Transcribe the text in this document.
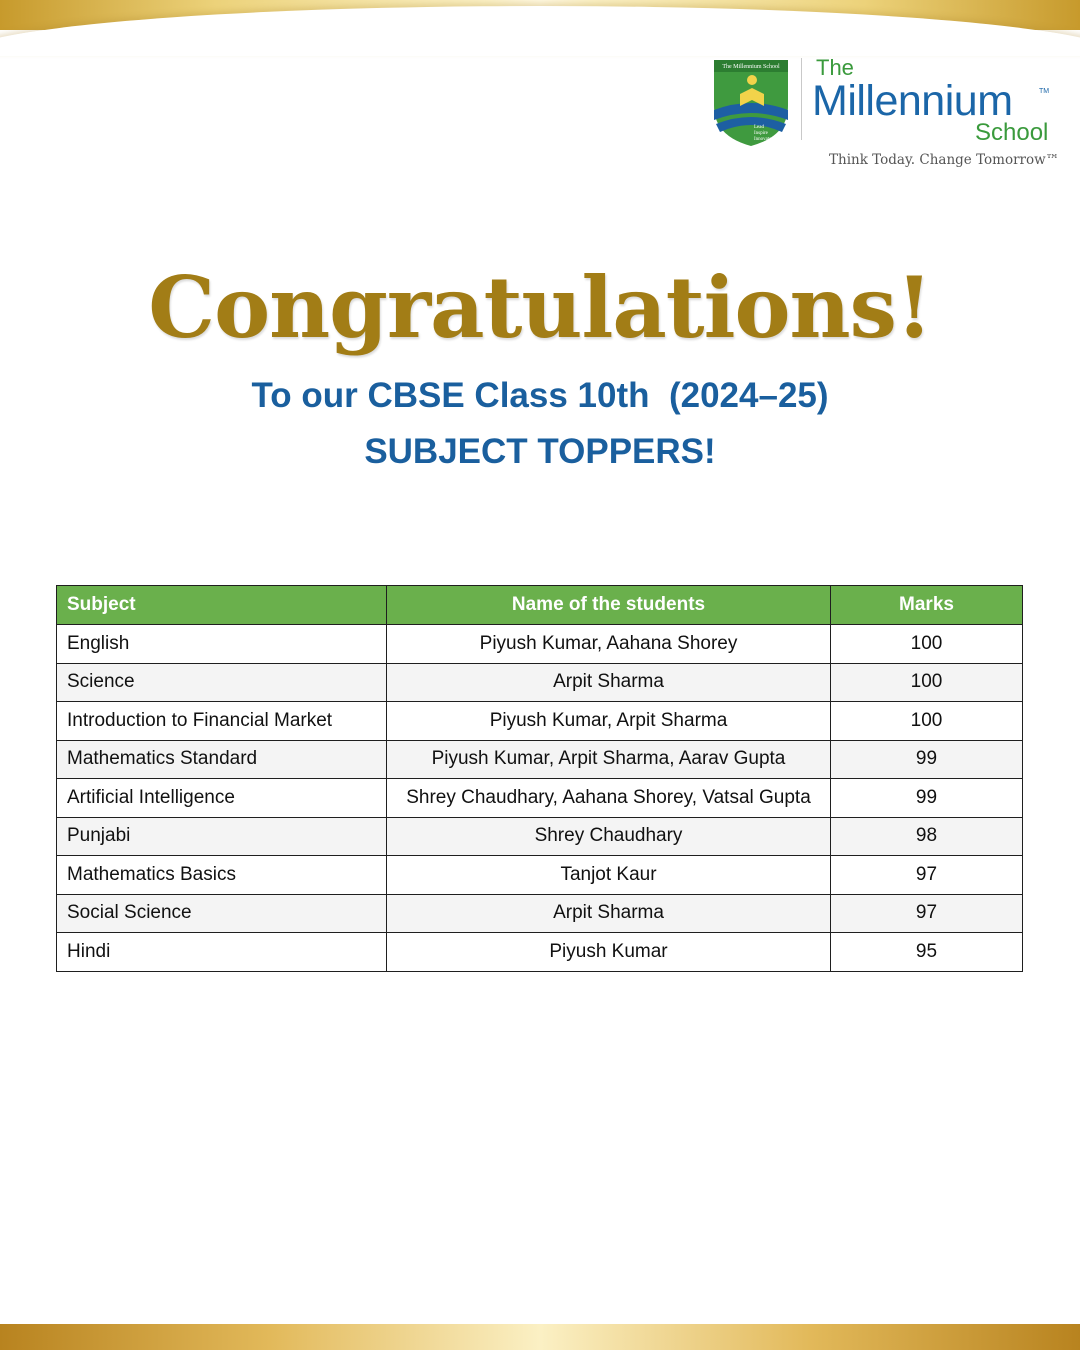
The Millennium School
Lead
Inspire
Innovate
The
Millennium	TM
School
Think Today. Change Tomorrow™
Congratulations!
To our CBSE Class 10th  (2024–25)
SUBJECT TOPPERS!
Subject	Name of the students	Marks
English	Piyush Kumar, Aahana Shorey	100
Science	Arpit Sharma	100
Introduction to Financial Market	Piyush Kumar, Arpit Sharma	100
Mathematics Standard	Piyush Kumar, Arpit Sharma, Aarav Gupta	99
Artificial Intelligence	Shrey Chaudhary, Aahana Shorey, Vatsal Gupta	99
Punjabi	Shrey Chaudhary	98
Mathematics Basics	Tanjot Kaur	97
Social Science	Arpit Sharma	97
Hindi	Piyush Kumar	95
